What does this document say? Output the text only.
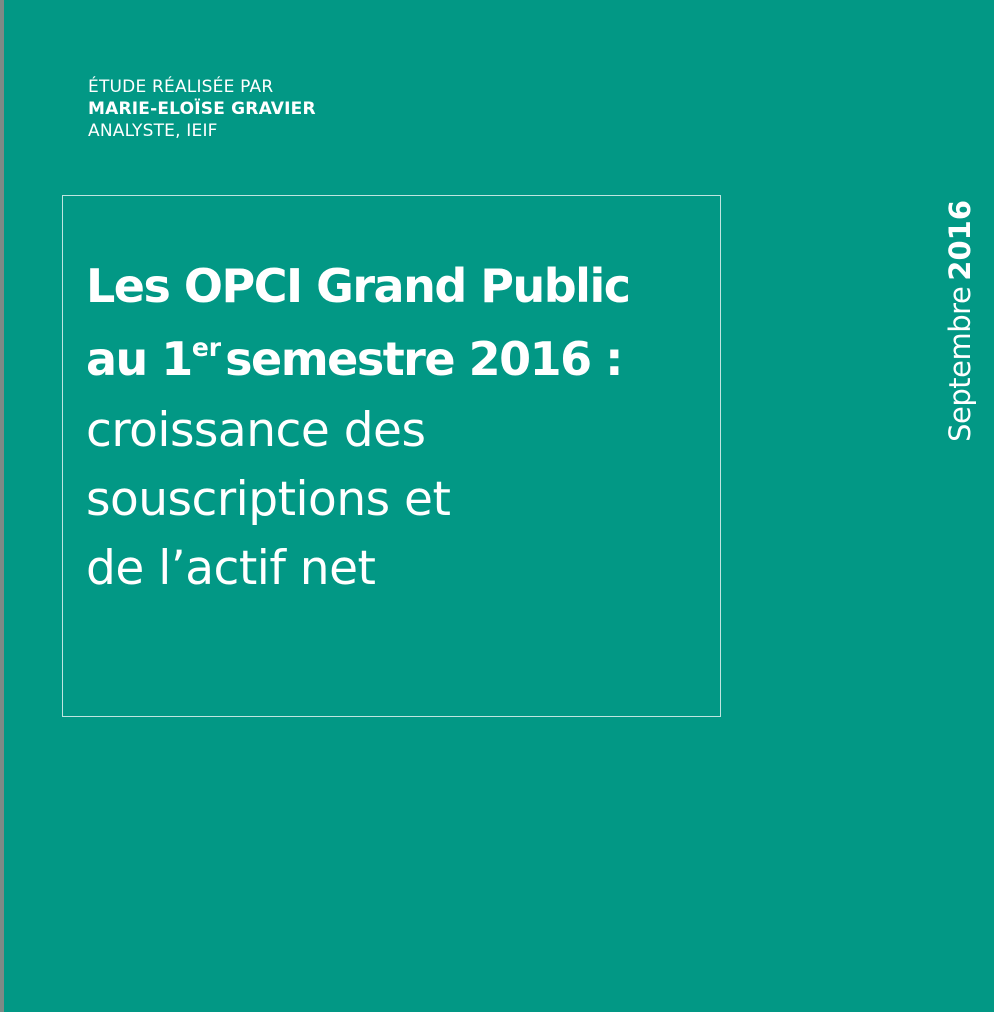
ÉTUDE RÉALISÉE PAR
MARIE-ELOÏSE GRAVIER
ANALYSTE, IEIF
Les OPCI Grand Public
au 1ersemestre 2016 :
croissance des
souscriptions et
de l’actif net
Septembre2016
